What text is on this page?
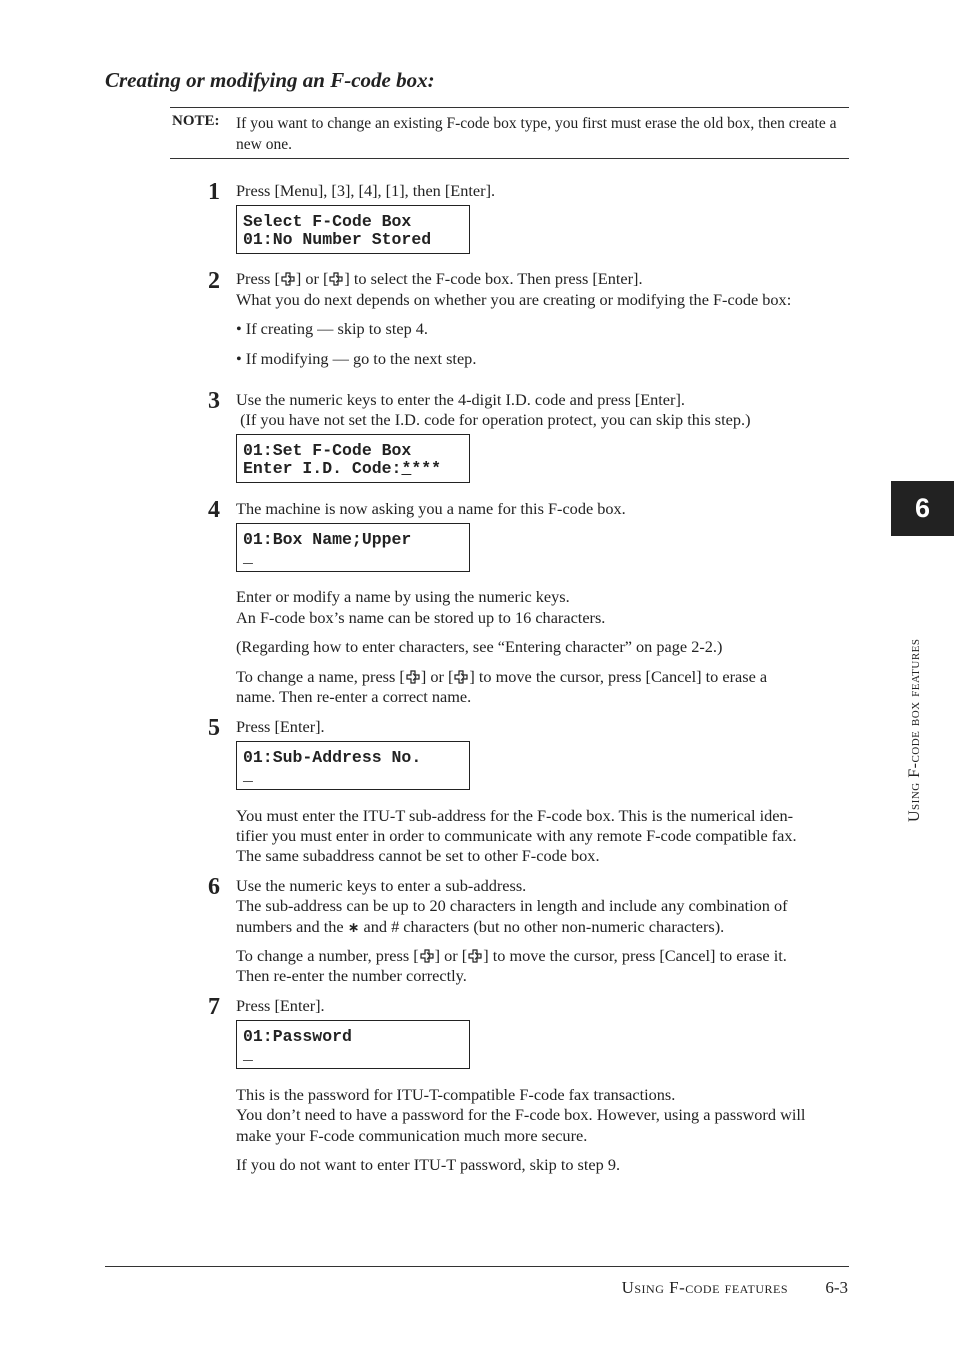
Creating or modifying an F-code box:
NOTE: If you want to change an existing F-code box type, you first must erase the old box, then create a new one.
1 Press [Menu], [3], [4], [1], then [Enter].
Select F-Code Box
01:No Number Stored
2 Press [ ] or [ ] to select the F-code box. Then press [Enter].
What you do next depends on whether you are creating or modifying the F-code box:
• If creating — skip to step 4.
• If modifying — go to the next step.
3 Use the numeric keys to enter the 4-digit I.D. code and press [Enter].
(If you have not set the I.D. code for operation protect, you can skip this step.)
01:Set F-Code Box
Enter I.D. Code:****
4 The machine is now asking you a name for this F-code box.
01:Box Name;Upper
_
Enter or modify a name by using the numeric keys.
An F-code box’s name can be stored up to 16 characters.
(Regarding how to enter characters, see “Entering character” on page 2-2.)
To change a name, press [ ] or [ ] to move the cursor, press [Cancel] to erase a
name. Then re-enter a correct name.
5 Press [Enter].
01:Sub-Address No.
_
You must enter the ITU-T sub-address for the F-code box. This is the numerical iden-
tifier you must enter in order to communicate with any remote F-code compatible fax.
The same subaddress cannot be set to other F-code box.
6 Use the numeric keys to enter a sub-address.
The sub-address can be up to 20 characters in length and include any combination of
numbers and the ∗ and # characters (but no other non-numeric characters).
To change a number, press [ ] or [ ] to move the cursor, press [Cancel] to erase it.
Then re-enter the number correctly.
7 Press [Enter].
01:Password
_
This is the password for ITU-T-compatible F-code fax transactions.
You don’t need to have a password for the F-code box. However, using a password will
make your F-code communication much more secure.
If you do not want to enter ITU-T password, skip to step 9.
6
Using F-code box features
Using F-code features 6-3
